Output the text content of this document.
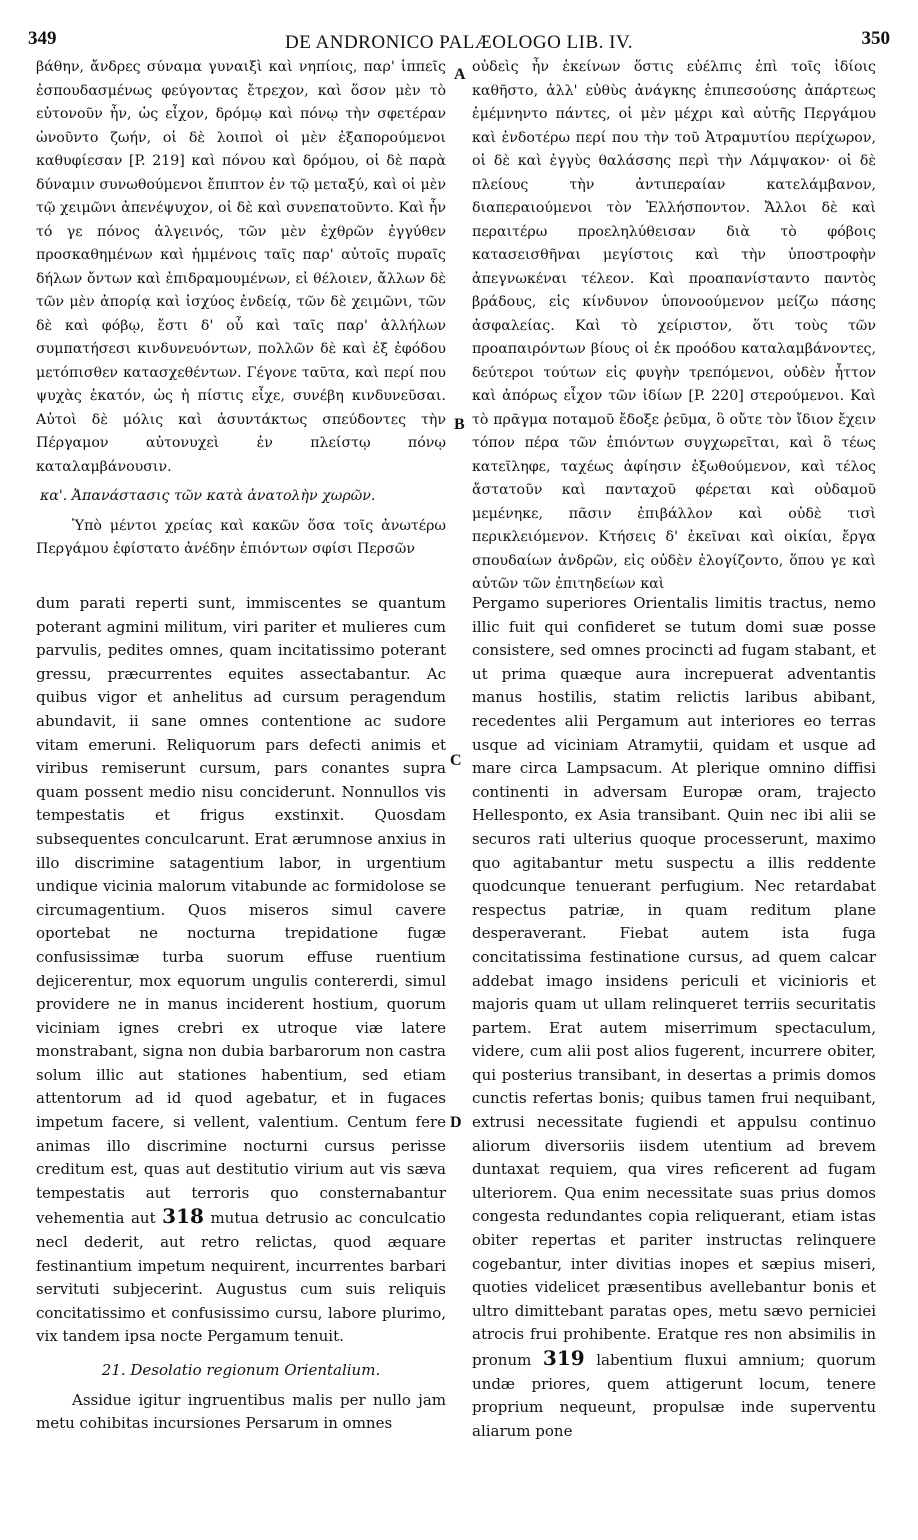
349	DE ANDRONICO PALÆOLOGO LIB. IV.	350
A
B
C
D

βάθην, ἄνδρες σύναμα γυναιξὶ καὶ νηπίοις, παρ' ἱππεῖς ἐσπουδασμένως φεύγοντας ἔτρεχον, καὶ ὅσον μὲν τὸ εὐτονοῦν ἦν, ὡς εἶχον, δρόμῳ καὶ πόνῳ τὴν σφετέραν ὠνοῦντο ζωήν, οἱ δὲ λοιποὶ οἱ μὲν ἐξαπορούμενοι καθυφίεσαν [P. 219] καὶ πόνου καὶ δρόμου, οἱ δὲ παρὰ δύναμιν συνωθούμενοι ἔπιπτον ἐν τῷ μεταξύ, καὶ οἱ μὲν τῷ χειμῶνι ἀπενέψυχον, οἱ δὲ καὶ συνεπατοῦντο. Καὶ ἦν τό γε πόνος ἀλγεινός, τῶν μὲν ἐχθρῶν ἐγγύθεν προσκαθημένων καὶ ἡμμένοις ταῖς παρ' αὐτοῖς πυραῖς δήλων ὄντων καὶ ἐπιδραμουμένων, εἰ θέλοιεν, ἄλλων δὲ τῶν μὲν ἀπορίᾳ καὶ ἰσχύος ἐνδείᾳ, τῶν δὲ χειμῶνι, τῶν δὲ καὶ φόβῳ, ἔστι δ' οὗ καὶ ταῖς παρ' ἀλλήλων συμπατήσεσι κινδυνευόντων, πολλῶν δὲ καὶ ἐξ ἐφόδου μετόπισθεν κατασχεθέντων. Γέγονε ταῦτα, καὶ περί που ψυχὰς ἑκατόν, ὡς ἡ πίστις εἶχε, συνέβη κινδυνεῦσαι. Αὐτοὶ δὲ μόλις καὶ ἀσυντάκτως σπεύδοντες τὴν Πέργαμον αὐτονυχεὶ ἐν πλείστῳ πόνῳ καταλαμβάνουσιν.

κα'. Ἀπανάστασις τῶν κατὰ ἀνατολὴν χωρῶν.

Ὑπὸ μέντοι χρείας καὶ κακῶν ὅσα τοῖς ἀνωτέρω Περγάμου ἐφίστατο ἀνέδην ἐπιόντων σφίσι Περσῶν

οὐδεὶς ἦν ἐκείνων ὅστις εὐέλπις ἐπὶ τοῖς ἰδίοις καθῆστο, ἀλλ' εὐθὺς ἀνάγκης ἐπιπεσούσης ἀπάρτεως ἐμέμνηντο πάντες, οἱ μὲν μέχρι καὶ αὐτῆς Περγάμου καὶ ἐνδοτέρω περί που τὴν τοῦ Ἀτραμυτίου περίχωρον, οἱ δὲ καὶ ἐγγὺς θαλάσσης περὶ τὴν Λάμψακον· οἱ δὲ πλείους τὴν ἀντιπεραίαν κατελάμβανον, διαπεραιούμενοι τὸν Ἑλλήσποντον. Ἄλλοι δὲ καὶ περαιτέρω προεληλύθεισαν διὰ τὸ φόβοις κατασεισθῆναι μεγίστοις καὶ τὴν ὑποστροφὴν ἀπεγνωκέναι τέλεον. Καὶ προαπανίσταντο παντὸς βράδους, εἰς κίνδυνον ὑπονοούμενον μείζω πάσης ἀσφαλείας. Καὶ τὸ χείριστον, ὅτι τοὺς τῶν προαπαιρόντων βίους οἱ ἐκ προόδου καταλαμβάνοντες, δεύτεροι τούτων εἰς φυγὴν τρεπόμενοι, οὐδὲν ἧττον καὶ ἀπόρως εἶχον τῶν ἰδίων [P. 220] στερούμενοι. Καὶ τὸ πρᾶγμα ποταμοῦ ἔδοξε ῥεῦμα, ὃ οὔτε τὸν ἴδιον ἔχειν τόπον πέρα τῶν ἐπιόντων συγχωρεῖται, καὶ ὃ τέως κατεῖληφε, ταχέως ἀφίησιν ἐξωθούμενον, καὶ τέλος ἄστατοῦν καὶ πανταχοῦ φέρεται καὶ οὐδαμοῦ μεμένηκε, πᾶσιν ἐπιβάλλον καὶ οὐδὲ τισὶ περικλειόμενον. Κτήσεις δ' ἐκεῖναι καὶ οἰκίαι, ἔργα σπουδαίων ἀνδρῶν, εἰς οὐδὲν ἐλογίζοντο, ὅπου γε καὶ αὐτῶν τῶν ἐπιτηδείων καὶ

dum parati reperti sunt, immiscentes se quantum poterant agmini militum, viri pariter et mulieres cum parvulis, pedites omnes, quam incitatissimo poterant gressu, præcurrentes equites assectabantur. Ac quibus vigor et anhelitus ad cursum peragendum abundavit, ii sane omnes contentione ac sudore vitam emeruni. Reliquorum pars defecti animis et viribus remiserunt cursum, pars conantes supra quam possent medio nisu conciderunt. Nonnullos vis tempestatis et frigus exstinxit. Quosdam subsequentes conculcarunt. Erat ærumnose anxius in illo discrimine satagentium labor, in urgentium undique vicinia malorum vitabunde ac formidolose se circumagentium. Quos miseros simul cavere oportebat ne nocturna trepidatione fugæ confusissimæ turba suorum effuse ruentium dejicerentur, mox equorum ungulis contererdi, simul providere ne in manus inciderent hostium, quorum viciniam ignes crebri ex utroque viæ latere monstrabant, signa non dubia barbarorum non castra solum illic aut stationes habentium, sed etiam attentorum ad id quod agebatur, et in fugaces impetum facere, si vellent, valentium. Centum fere animas illo discrimine nocturni cursus perisse creditum est, quas aut destitutio virium aut vis sæva tempestatis aut terroris quo consternabantur vehementia aut 318 mutua detrusio ac conculcatio necl dederit, aut retro relictas, quod æquare festinantium impetum nequirent, incurrentes barbari servituti subjecerint. Augustus cum suis reliquis concitatissimo et confusissimo cursu, labore plurimo, vix tandem ipsa nocte Pergamum tenuit.

21. Desolatio regionum Orientalium.

Assidue igitur ingruentibus malis per nullo jam metu cohibitas incursiones Persarum in omnes

Pergamo superiores Orientalis limitis tractus, nemo illic fuit qui confideret se tutum domi suæ posse consistere, sed omnes procincti ad fugam stabant, et ut prima quæque aura increpuerat adventantis manus hostilis, statim relictis laribus abibant, recedentes alii Pergamum aut interiores eo terras usque ad viciniam Atramytii, quidam et usque ad mare circa Lampsacum. At plerique omnino diffisi continenti in adversam Europæ oram, trajecto Hellesponto, ex Asia transibant. Quin nec ibi alii se securos rati ulterius quoque processerunt, maximo quo agitabantur metu suspectu a illis reddente quodcunque tenuerant perfugium. Nec retardabat respectus patriæ, in quam reditum plane desperaverant. Fiebat autem ista fuga concitatissima festinatione cursus, ad quem calcar addebat imago insidens periculi et vicinioris et majoris quam ut ullam relinqueret terriis securitatis partem. Erat autem miserrimum spectaculum, videre, cum alii post alios fugerent, incurrere obiter, qui posterius transibant, in desertas a primis domos cunctis refertas bonis; quibus tamen frui nequibant, extrusi necessitate fugiendi et appulsu continuo aliorum diversoriis iisdem utentium ad brevem duntaxat requiem, qua vires reficerent ad fugam ulteriorem. Qua enim necessitate suas prius domos congesta redundantes copia reliquerant, etiam istas obiter repertas et pariter instructas relinquere cogebantur, inter divitias inopes et sæpius miseri, quoties videlicet præsentibus avellebantur bonis et ultro dimittebant paratas opes, metu sævo perniciei atrocis frui prohibente. Eratque res non absimilis in pronum 319 labentium fluxui amnium; quorum undæ priores, quem attigerunt locum, tenere proprium nequeunt, propulsæ inde superventu aliarum pone
